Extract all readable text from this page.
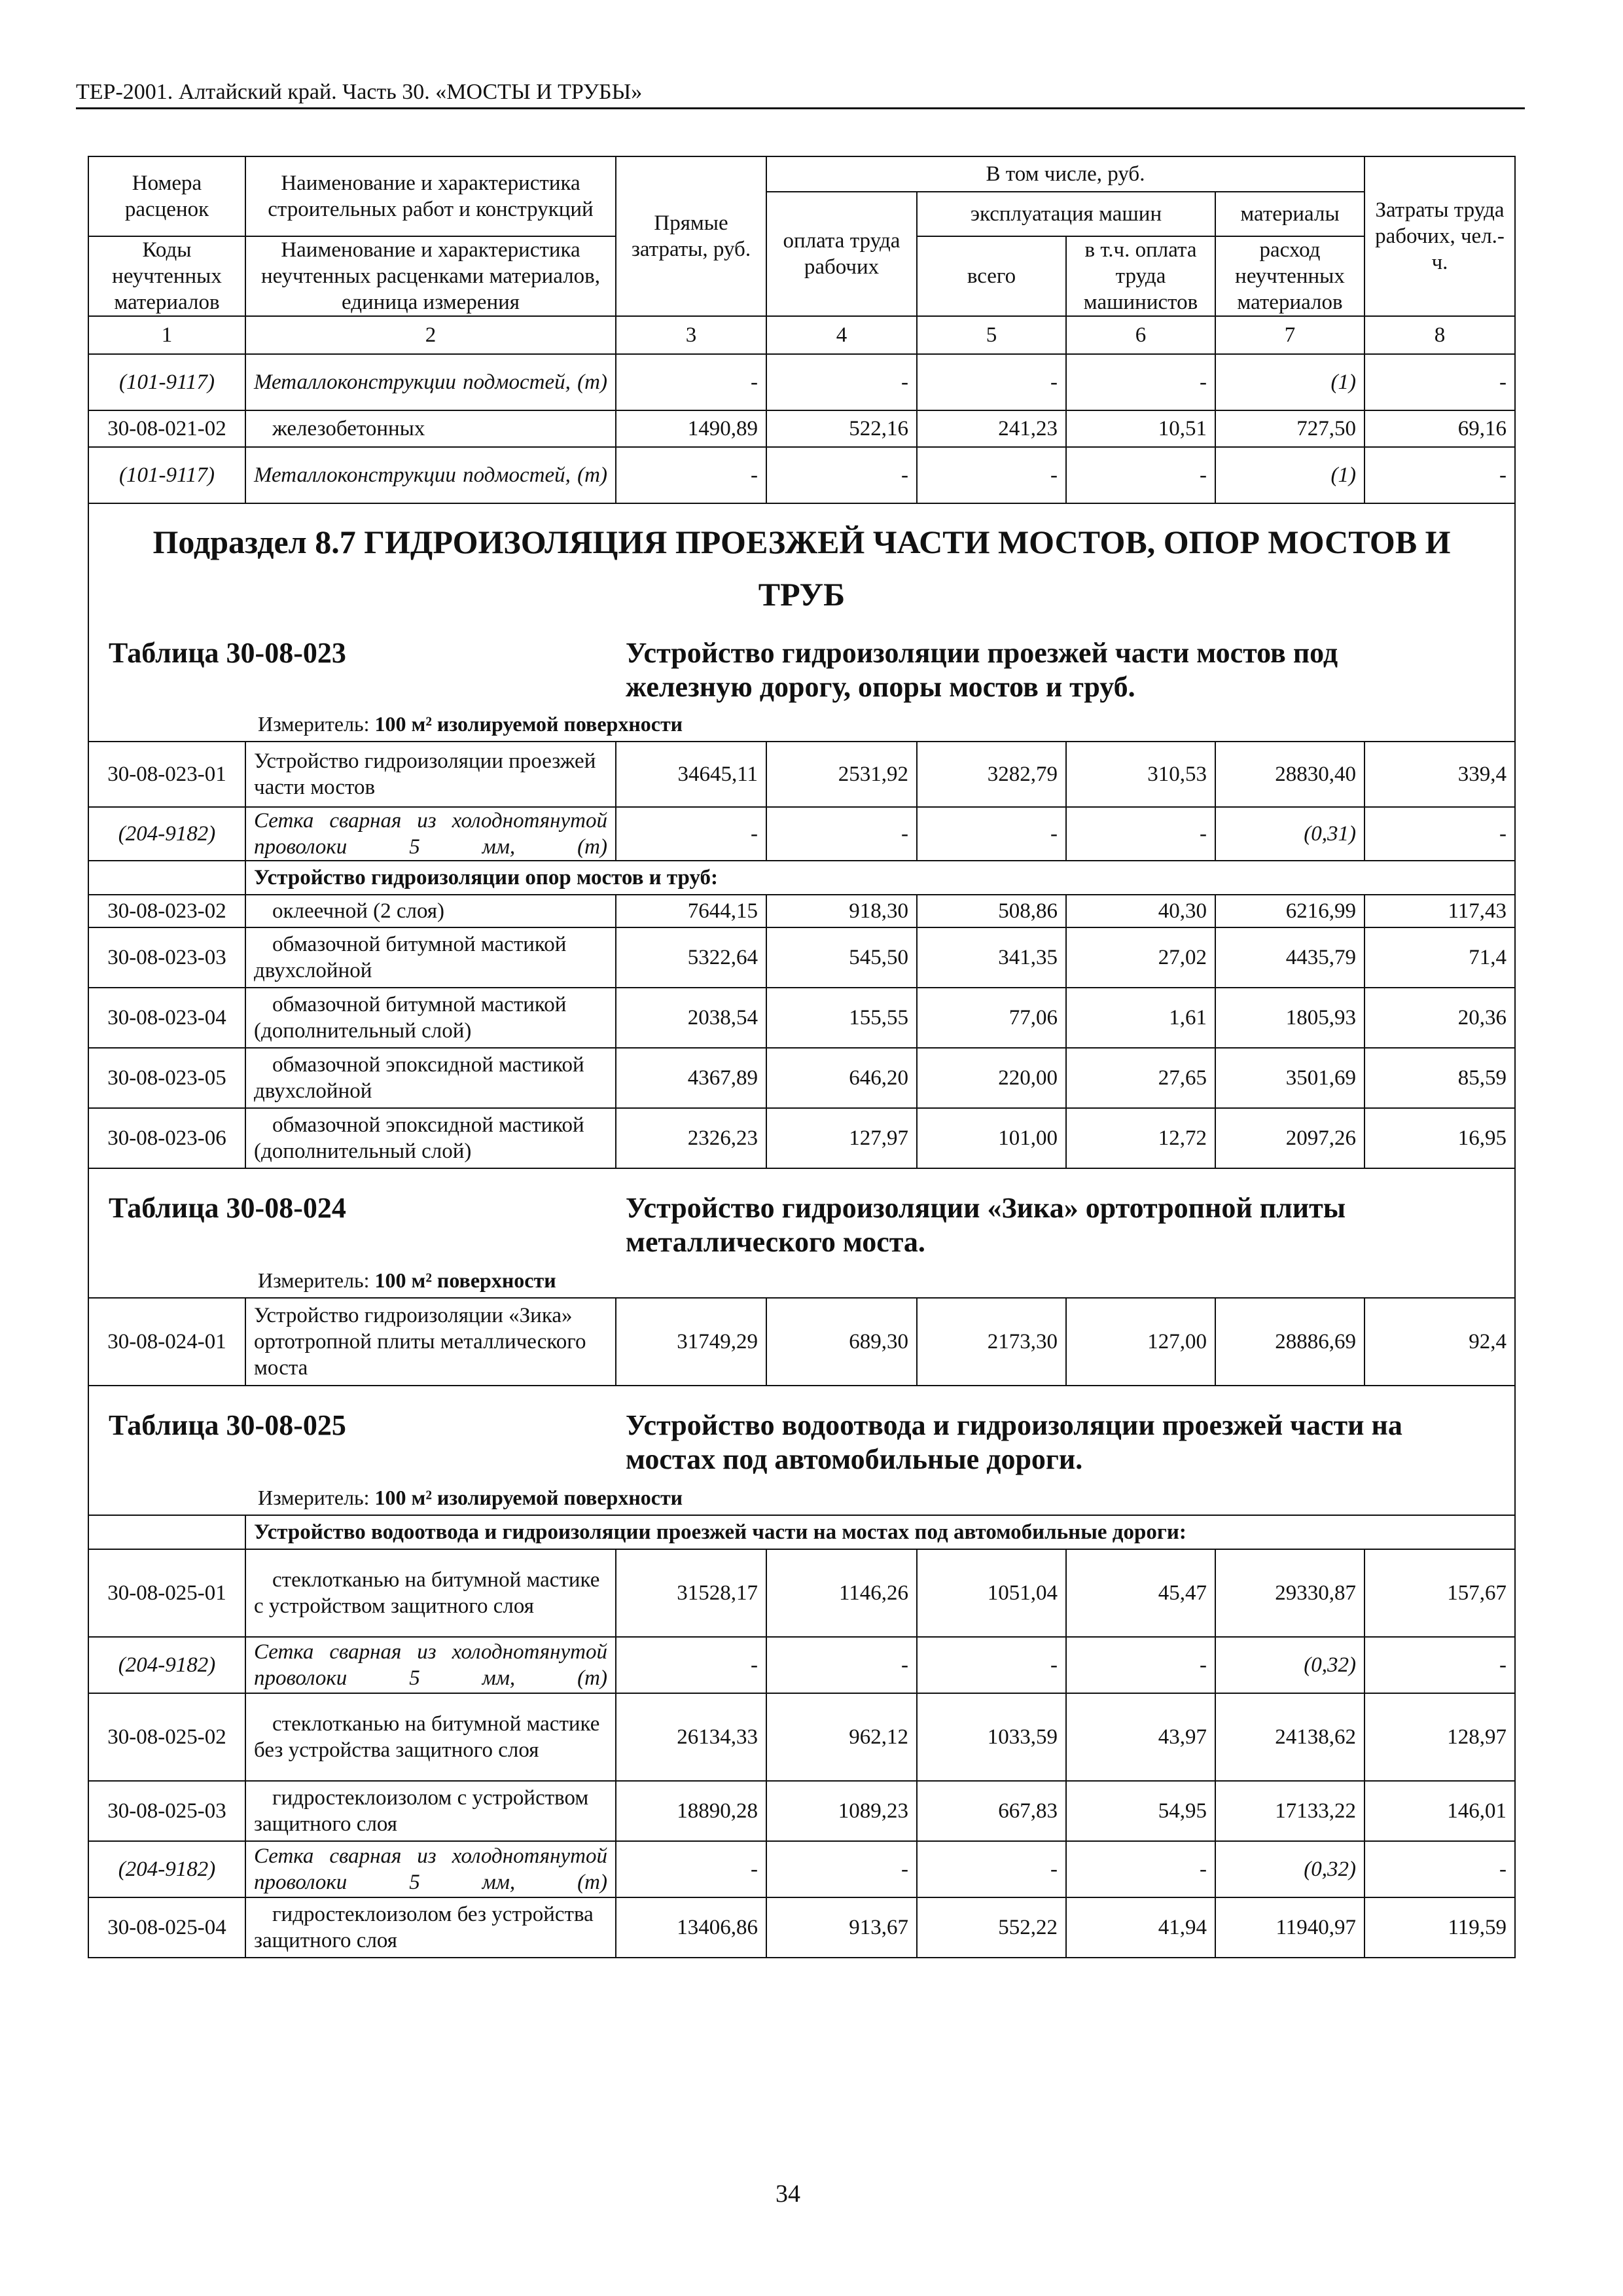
ТЕР-2001. Алтайский край. Часть 30. «МОСТЫ И ТРУБЫ»
Номера расценок	Наименование и характеристика строительных работ и конструкций	Прямые затраты, руб.	В том числе, руб.				Затраты труда рабочих, чел.-ч.
			оплата труда рабочих	эксплуатация машин		материалы	
Коды неучтенных материалов	Наименование и характеристика неучтенных расценками материалов, единица измерения			всего	в т.ч. оплата труда машинистов	расход неучтенных материалов	

1	2	3	4	5	6	7	8
(101-9117)	Металлоконструкции подмостей, (т)	-	-	-	-	(1)	-
30-08-021-02	железобетонных	1490,89	522,16	241,23	10,51	727,50	69,16
(101-9117)	Металлоконструкции подмостей, (т)	-	-	-	-	(1)	-

Подраздел 8.7 ГИДРОИЗОЛЯЦИЯ ПРОЕЗЖЕЙ ЧАСТИ МОСТОВ, ОПОР МОСТОВ И ТРУБ
Таблица 30-08-023 Устройство гидроизоляции проезжей части мостов под железную дорогу, опоры мостов и труб.
Измеритель: 100 м² изолируемой поверхности							

30-08-023-01	Устройство гидроизоляции проезжей части мостов	34645,11	2531,92	3282,79	310,53	28830,40	339,4
(204-9182)	Сетка сварная из холоднотянутой проволоки 5 мм, (т)	-	-	-	-	(0,31)	-
	Устройство гидроизоляции опор мостов и труб:						
30-08-023-02	оклеечной (2 слоя)	7644,15	918,30	508,86	40,30	6216,99	117,43
30-08-023-03	обмазочной битумной мастикой двухслойной	5322,64	545,50	341,35	27,02	4435,79	71,4
30-08-023-04	обмазочной битумной мастикой (дополнительный слой)	2038,54	155,55	77,06	1,61	1805,93	20,36
30-08-023-05	обмазочной эпоксидной мастикой двухслойной	4367,89	646,20	220,00	27,65	3501,69	85,59
30-08-023-06	обмазочной эпоксидной мастикой (дополнительный слой)	2326,23	127,97	101,00	12,72	2097,26	16,95

Таблица 30-08-024 Устройство гидроизоляции «Зика» ортотропной плиты металлического моста.
Измеритель: 100 м² поверхности							

30-08-024-01	Устройство гидроизоляции «Зика» ортотропной плиты металлического моста	31749,29	689,30	2173,30	127,00	28886,69	92,4

Таблица 30-08-025 Устройство водоотвода и гидроизоляции проезжей части на мостах под автомобильные дороги.
Измеритель: 100 м² изолируемой поверхности							

	Устройство водоотвода и гидроизоляции проезжей части на мостах под автомобильные дороги:						
30-08-025-01	стеклотканью на битумной мастике с устройством защитного слоя	31528,17	1146,26	1051,04	45,47	29330,87	157,67
(204-9182)	Сетка сварная из холоднотянутой проволоки 5 мм, (т)	-	-	-	-	(0,32)	-
30-08-025-02	стеклотканью на битумной мастике без устройства защитного слоя	26134,33	962,12	1033,59	43,97	24138,62	128,97
30-08-025-03	гидростеклоизолом с устройством защитного слоя	18890,28	1089,23	667,83	54,95	17133,22	146,01
(204-9182)	Сетка сварная из холоднотянутой проволоки 5 мм, (т)	-	-	-	-	(0,32)	-
30-08-025-04	гидростеклоизолом без устройства защитного слоя	13406,86	913,67	552,22	41,94	11940,97	119,59
34
